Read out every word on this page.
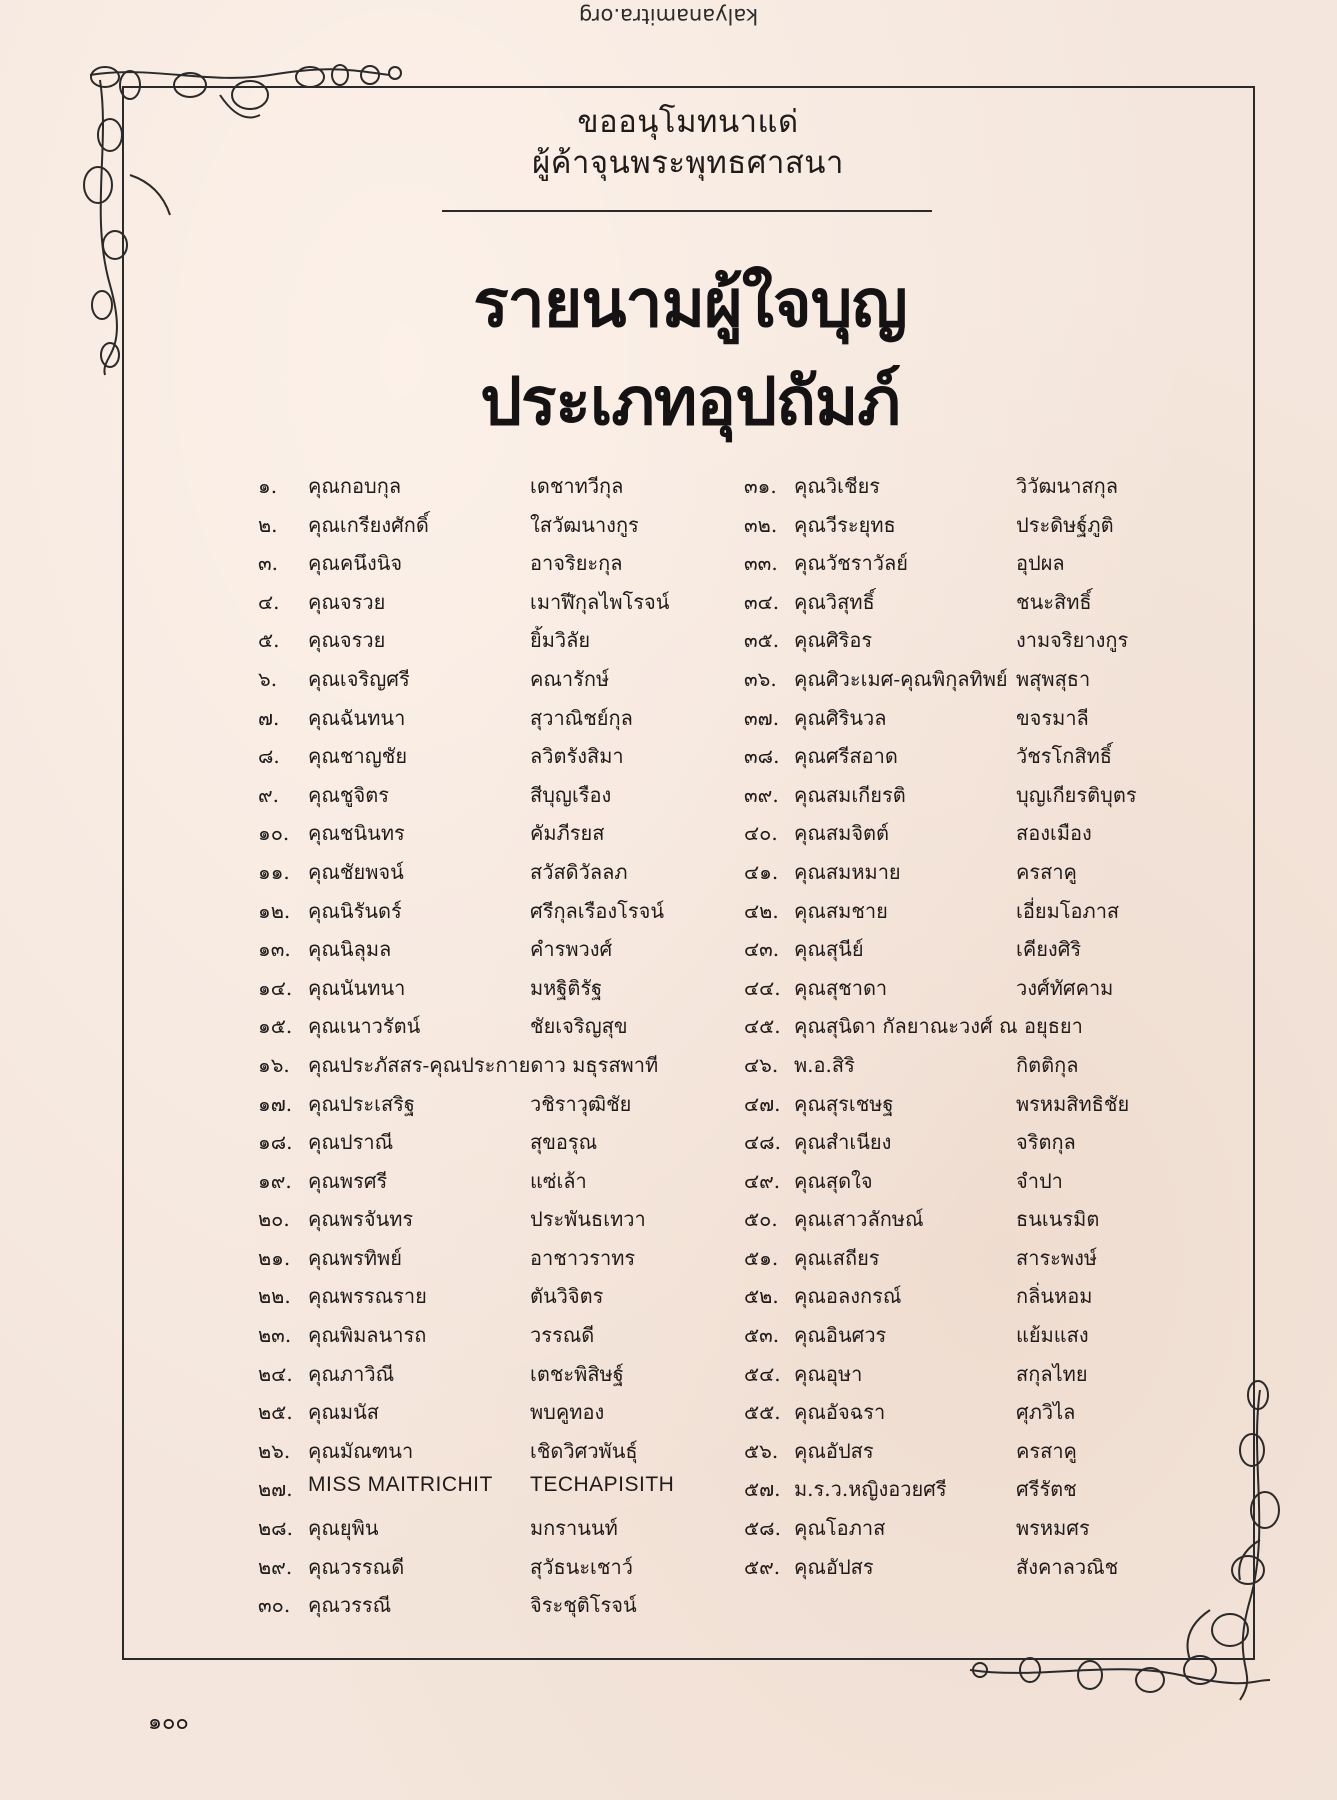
kalyanamitra.org
ขออนุโมทนาแด่
ผู้ค้าจุนพระพุทธศาสนา
รายนามผู้ใจบุญ
ประเภทอุปถัมภ์
๑. คุณกอบกุล	เดชาทวีกุล	๓๑. คุณวิเชียร	วิวัฒนาสกุล
๒. คุณเกรียงศักดิ์	ใสวัฒนางกูร	๓๒. คุณวีระยุทธ	ประดิษฐ์ภูติ
๓. คุณคนึงนิจ	อาจริยะกุล	๓๓. คุณวัชราวัลย์	อุปผล
๔. คุณจรวย	เมาฬีกุลไพโรจน์	๓๔. คุณวิสุทธิ์	ชนะสิทธิ์
๕. คุณจรวย	ยิ้มวิลัย	๓๕. คุณศิริอร	งามจริยางกูร
๖. คุณเจริญศรี	คณารักษ์	๓๖. คุณศิวะเมศ-คุณพิกุลทิพย์ พสุพสุธา
๗. คุณฉันทนา	สุวาณิชย์กุล	๓๗. คุณศิรินวล	ขจรมาลี
๘. คุณชาญชัย	ลวิตรังสิมา	๓๘. คุณศรีสอาด	วัชรโกสิทธิ์
๙. คุณชูจิตร	สีบุญเรือง	๓๙. คุณสมเกียรติ	บุญเกียรติบุตร
๑๐. คุณชนินทร	คัมภีรยส	๔๐. คุณสมจิตต์	สองเมือง
๑๑. คุณชัยพจน์	สวัสดิวัลลภ	๔๑. คุณสมหมาย	ครสาคู
๑๒. คุณนิรันดร์	ศรีกุลเรืองโรจน์	๔๒. คุณสมชาย	เอี่ยมโอภาส
๑๓. คุณนิลุมล	คำรพวงศ์	๔๓. คุณสุนีย์	เคียงศิริ
๑๔. คุณนันทนา	มหฐิติรัฐ	๔๔. คุณสุชาดา	วงศ์ทัศคาม
๑๕. คุณเนาวรัตน์	ชัยเจริญสุข	๔๕. คุณสุนิดา กัลยาณะวงศ์ ณ อยุธยา
๑๖. คุณประภัสสร-คุณประกายดาว มธุรสพาที	๔๖. พ.อ.สิริ	กิตติกุล
๑๗. คุณประเสริฐ	วชิราวุฒิชัย	๔๗. คุณสุรเชษฐ	พรหมสิทธิชัย
๑๘. คุณปราณี	สุขอรุณ	๔๘. คุณสำเนียง	จริตกุล
๑๙. คุณพรศรี	แซ่เล้า	๔๙. คุณสุดใจ	จำปา
๒๐. คุณพรจันทร	ประพันธเทวา	๕๐. คุณเสาวลักษณ์	ธนเนรมิต
๒๑. คุณพรทิพย์	อาชาวราทร	๕๑. คุณเสถียร	สาระพงษ์
๒๒. คุณพรรณราย	ตันวิจิตร	๕๒. คุณอลงกรณ์	กลิ่นหอม
๒๓. คุณพิมลนารถ	วรรณดี	๕๓. คุณอินศวร	แย้มแสง
๒๔. คุณภาวิณี	เตชะพิสิษฐ์	๕๔. คุณอุษา	สกุลไทย
๒๕. คุณมนัส	พบคูทอง	๕๕. คุณอัจฉรา	ศุภวิไล
๒๖. คุณมัณฑนา	เชิดวิศวพันธุ์	๕๖. คุณอัปสร	ครสาคู
๒๗. MISS MAITRICHIT TECHAPISITH	๕๗. ม.ร.ว.หญิงอวยศรี	ศรีรัตช
๒๘. คุณยุพิน	มกรานนท์	๕๘. คุณโอภาส	พรหมศร
๒๙. คุณวรรณดี	สุวัธนะเชาว์	๕๙. คุณอัปสร	สังคาลวณิช
๓๐. คุณวรรณี	จิระชุติโรจน์
๑๐๐
